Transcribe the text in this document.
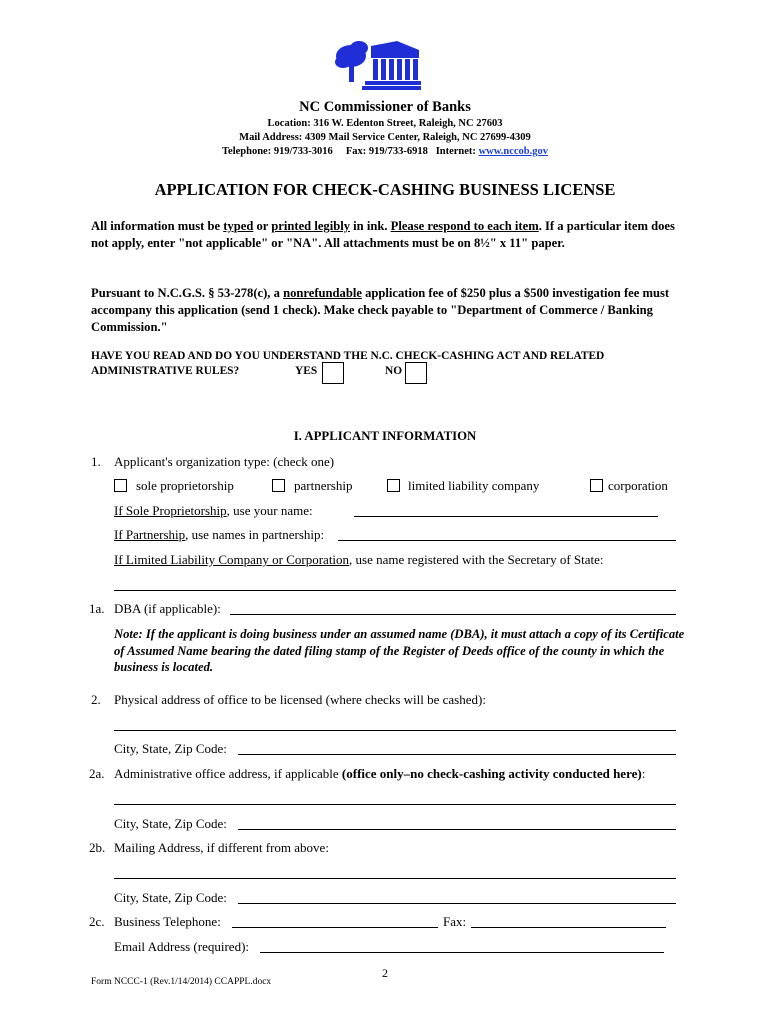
NC Commissioner of Banks
Location: 316 W. Edenton Street, Raleigh, NC 27603
Mail Address: 4309 Mail Service Center, Raleigh, NC 27699-4309
Telephone: 919/733-3016     Fax: 919/733-6918   Internet: www.nccob.gov
APPLICATION FOR CHECK-CASHING BUSINESS LICENSE
All information must be typed or printed legibly in ink. Please respond to each item. If a particular item does not apply, enter "not applicable" or "NA". All attachments must be on 8½" x 11" paper.
Pursuant to N.C.G.S. § 53-278(c), a nonrefundable application fee of $250 plus a $500 investigation fee must accompany this application (send 1 check). Make check payable to "Department of Commerce / Banking Commission."
HAVE YOU READ AND DO YOU UNDERSTAND THE N.C. CHECK-CASHING ACT AND RELATED
ADMINISTRATIVE RULES?	YES	NO
I. APPLICANT INFORMATION
1. Applicant's organization type: (check one)
sole proprietorship	partnership	limited liability company	corporation
If Sole Proprietorship, use your name:
If Partnership, use names in partnership:
If Limited Liability Company or Corporation, use name registered with the Secretary of State:
1a. DBA (if applicable):
Note: If the applicant is doing business under an assumed name (DBA), it must attach a copy of its Certificate of Assumed Name bearing the dated filing stamp of the Register of Deeds office of the county in which the business is located.
2. Physical address of office to be licensed (where checks will be cashed):
City, State, Zip Code:
2a. Administrative office address, if applicable (office only–no check-cashing activity conducted here):
City, State, Zip Code:
2b. Mailing Address, if different from above:
City, State, Zip Code:
2c. Business Telephone:	Fax:
Email Address (required):
2
Form NCCC-1 (Rev.1/14/2014) CCAPPL.docx
